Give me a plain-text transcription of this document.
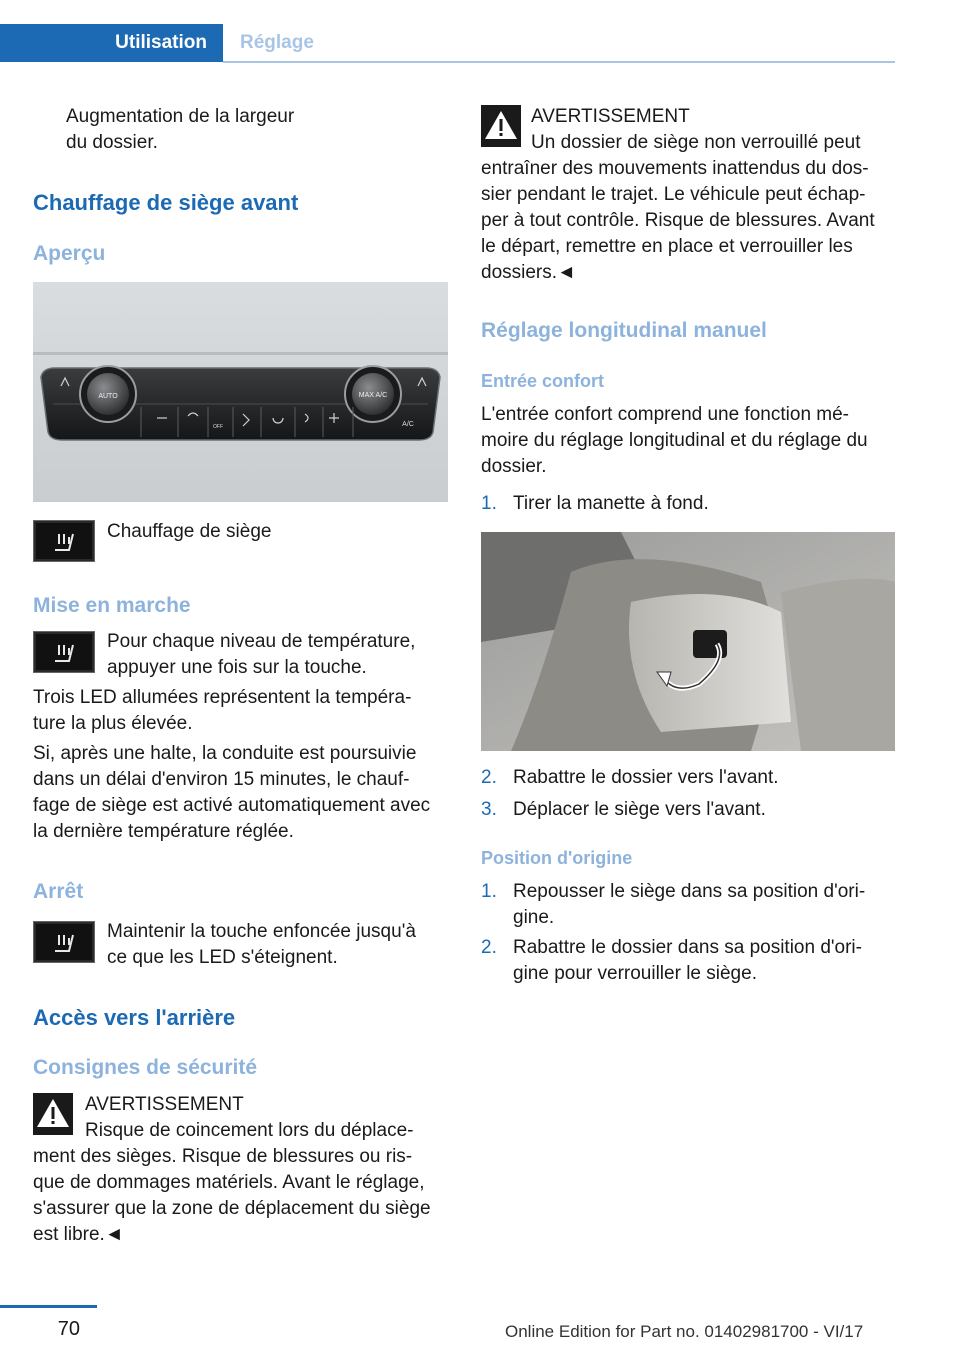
Utilisation Réglage
Augmentation de la largeur
du dossier.
Chauffage de siège avant
Aperçu
AUTO	MAX A/C
A/C
OFF
Chauffage de siège
Mise en marche
Pour chaque niveau de température,
appuyer une fois sur la touche.
Trois LED allumées représentent la tempéra-
ture la plus élevée.
Si, après une halte, la conduite est poursuivie
dans un délai d'environ 15 minutes, le chauf-
fage de siège est activé automatiquement avec
la dernière température réglée.
Arrêt
Maintenir la touche enfoncée jusqu'à
ce que les LED s'éteignent.
Accès vers l'arrière
Consignes de sécurité
AVERTISSEMENT
Risque de coincement lors du déplace-
ment des sièges. Risque de blessures ou ris-
que de dommages matériels. Avant le réglage,
s'assurer que la zone de déplacement du siège
est libre.◄
AVERTISSEMENT
Un dossier de siège non verrouillé peut
entraîner des mouvements inattendus du dos-
sier pendant le trajet. Le véhicule peut échap-
per à tout contrôle. Risque de blessures. Avant
le départ, remettre en place et verrouiller les
dossiers.◄
Réglage longitudinal manuel
Entrée confort
L'entrée confort comprend une fonction mé-
moire du réglage longitudinal et du réglage du
dossier.
1. Tirer la manette à fond.
2. Rabattre le dossier vers l'avant.
3. Déplacer le siège vers l'avant.
Position d'origine
1. Repousser le siège dans sa position d'ori-
gine.
2. Rabattre le dossier dans sa position d'ori-
gine pour verrouiller le siège.
70	Online Edition for Part no. 01402981700 - VI/17
